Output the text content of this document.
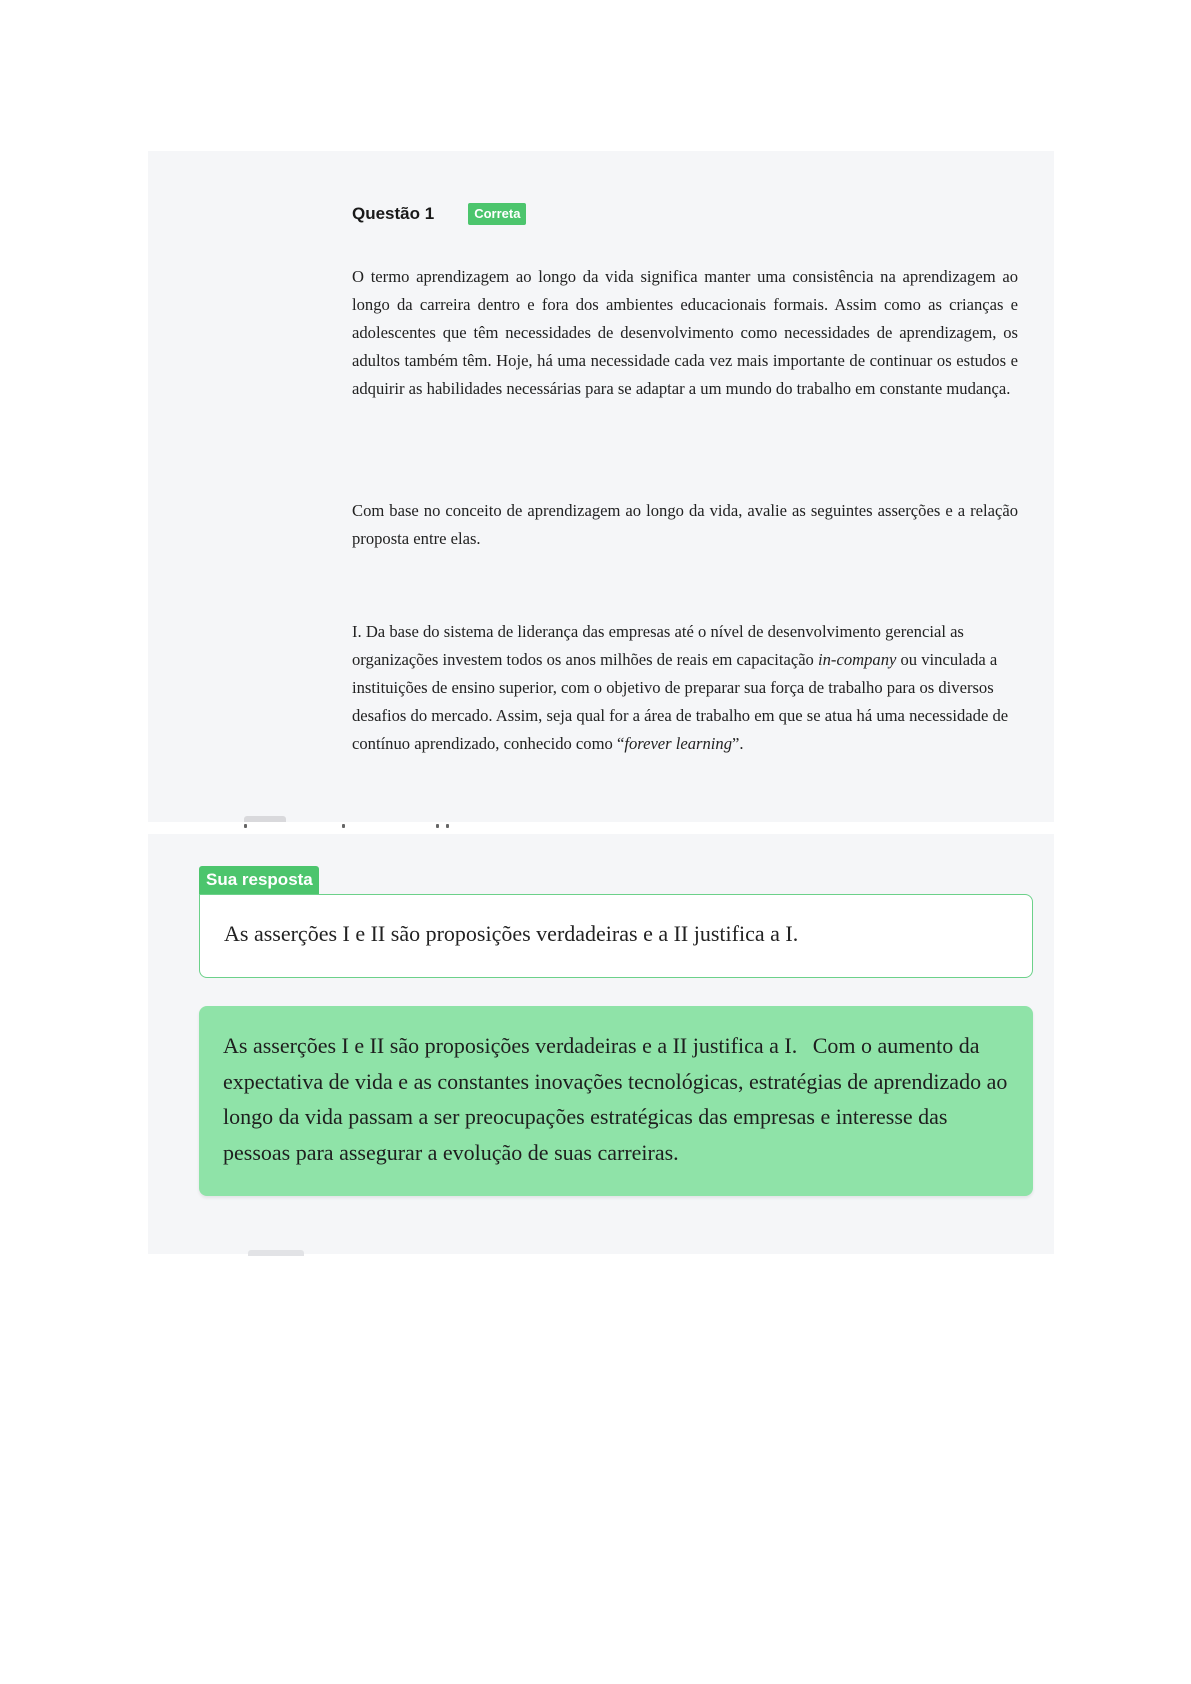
Questão 1	Correta

O termo aprendizagem ao longo da vida significa manter uma consistência na aprendizagem ao longo da carreira dentro e fora dos ambientes educacionais formais. Assim como as crianças e adolescentes que têm necessidades de desenvolvimento como necessidades de aprendizagem, os adultos também têm. Hoje, há uma necessidade cada vez mais importante de continuar os estudos e adquirir as habilidades necessárias para se adaptar a um mundo do trabalho em constante mudança.

Com base no conceito de aprendizagem ao longo da vida, avalie as seguintes asserções e a relação proposta entre elas.

I. Da base do sistema de liderança das empresas até o nível de desenvolvimento gerencial as organizações investem todos os anos milhões de reais em capacitação in-company ou vinculada a instituições de ensino superior, com o objetivo de preparar sua força de trabalho para os diversos desafios do mercado. Assim, seja qual for a área de trabalho em que se atua há uma necessidade de contínuo aprendizado, conhecido como “forever learning”.

Sua resposta
As asserções I e II são proposições verdadeiras e a II justifica a I.
As asserções I e II são proposições verdadeiras e a II justifica a I. Com o aumento da expectativa de vida e as constantes inovações tecnológicas, estratégias de aprendizado ao longo da vida passam a ser preocupações estratégicas das empresas e interesse das pessoas para assegurar a evolução de suas carreiras.
